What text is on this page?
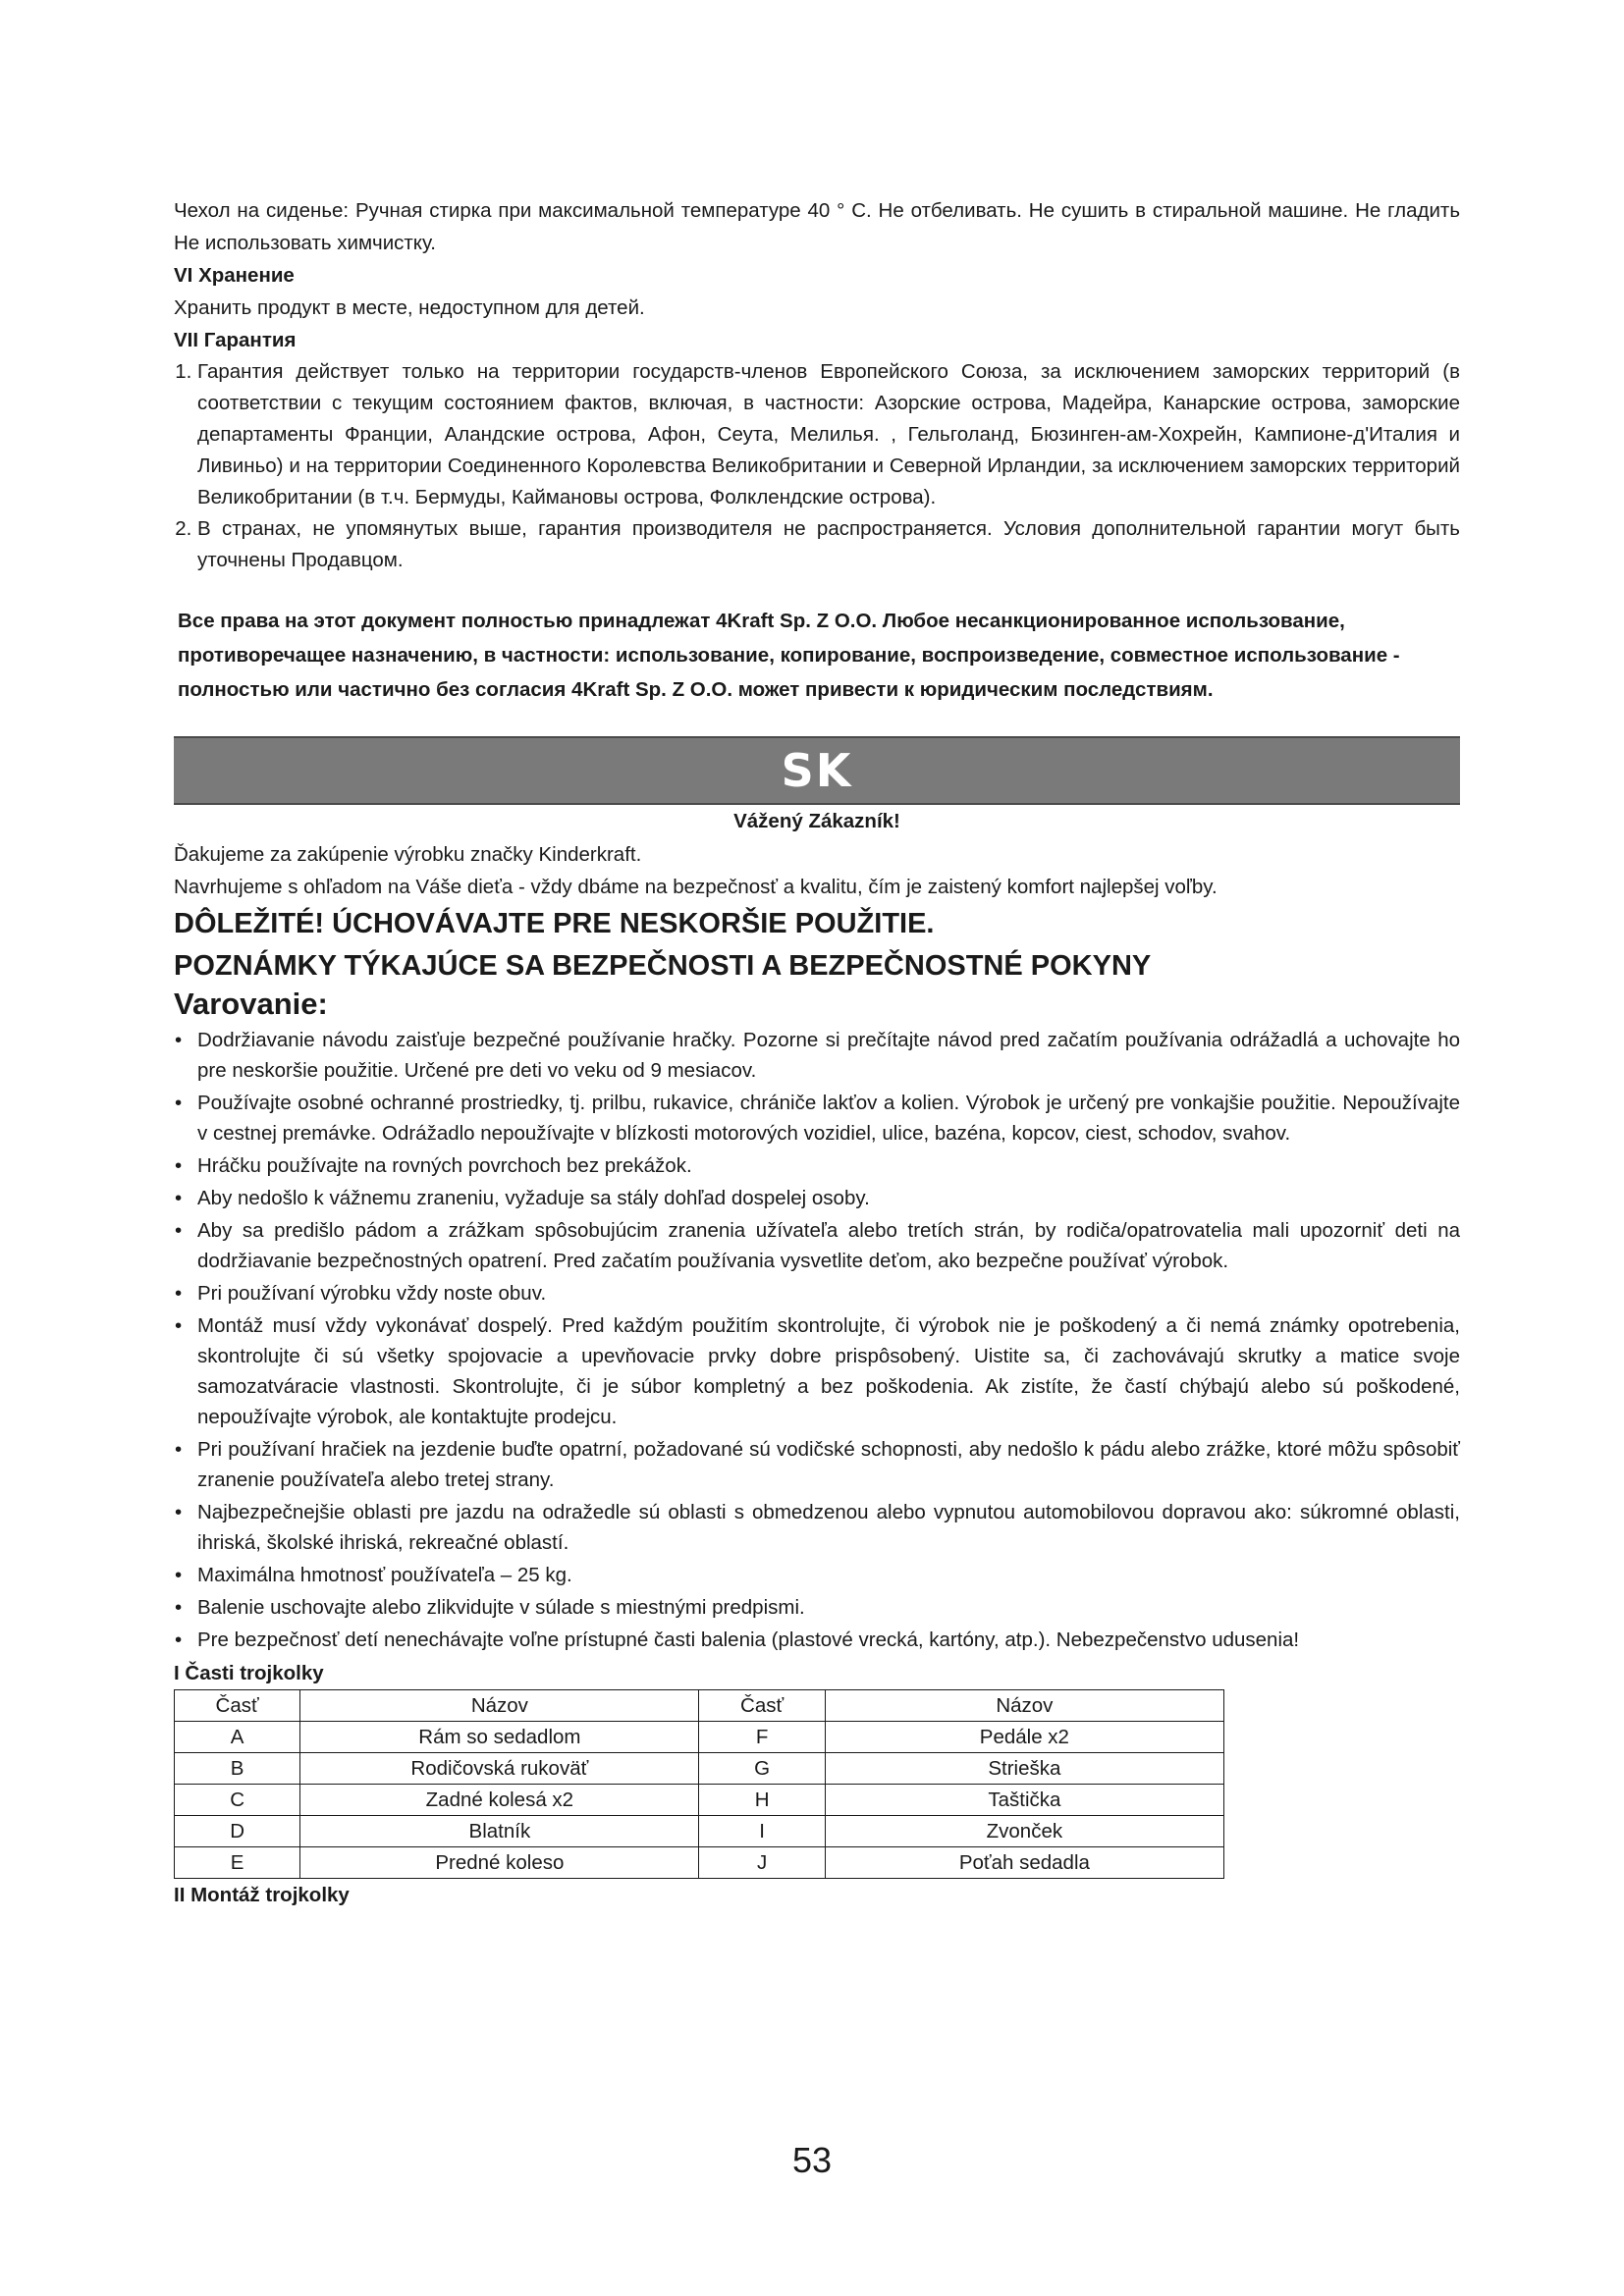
Чехол на сиденье: Ручная стирка при максимальной температуре 40 ° C. Не отбеливать. Не сушить в стиральной машине. Не гладить Не использовать химчистку.

VI Хранение

Хранить продукт в месте, недоступном для детей.

VII Гарантия

1. Гарантия действует только на территории государств-членов Европейского Союза, за исключением заморских территорий (в соответствии с текущим состоянием фактов, включая, в частности: Азорские острова, Мадейра, Канарские острова, заморские департаменты Франции, Аландские острова, Афон, Сеута, Мелилья. , Гельголанд, Бюзинген-ам-Хохрейн, Кампионе-д'Италия и Ливиньо) и на территории Соединенного Королевства Великобритании и Северной Ирландии, за исключением заморских территорий Великобритании (в т.ч. Бермуды, Каймановы острова, Фолклендские острова).
2. В странах, не упомянутых выше, гарантия производителя не распространяется. Условия дополнительной гарантии могут быть уточнены Продавцом.

Все права на этот документ полностью принадлежат 4Kraft Sp. Z O.O. Любое несанкционированное использование, противоречащее назначению, в частности: использование, копирование, воспроизведение, совместное использование - полностью или частично без согласия 4Kraft Sp. Z O.O. может привести к юридическим последствиям.

SK

Vážený Zákazník!

Ďakujeme za zakúpenie výrobku značky Kinderkraft.

Navrhujeme s ohľadom na Váše dieťa - vždy dbáme na bezpečnosť a kvalitu, čím je zaistený komfort najlepšej voľby.

DÔLEŽITÉ! ÚCHOVÁVAJTE PRE NESKORŠIE POUŽITIE.

POZNÁMKY TÝKAJÚCE SA BEZPEČNOSTI A BEZPEČNOSTNÉ POKYNY

Varovanie:

• Dodržiavanie návodu zaisťuje bezpečné používanie hračky. Pozorne si prečítajte návod pred začatím používania odrážadlá a uchovajte ho pre neskoršie použitie. Určené pre deti vo veku od 9 mesiacov.
• Používajte osobné ochranné prostriedky, tj. prilbu, rukavice, chrániče lakťov a kolien. Výrobok je určený pre vonkajšie použitie. Nepoužívajte v cestnej premávke. Odrážadlo nepoužívajte v blízkosti motorových vozidiel, ulice, bazéna, kopcov, ciest, schodov, svahov.
• Hráčku používajte na rovných povrchoch bez prekážok.
• Aby nedošlo k vážnemu zraneniu, vyžaduje sa stály dohľad dospelej osoby.
• Aby sa predišlo pádom a zrážkam spôsobujúcim zranenia užívateľa alebo tretích strán, by rodiča/opatrovatelia mali upozorniť deti na dodržiavanie bezpečnostných opatrení. Pred začatím používania vysvetlite deťom, ako bezpečne používať výrobok.
• Pri používaní výrobku vždy noste obuv.
• Montáž musí vždy vykonávať dospelý. Pred každým použitím skontrolujte, či výrobok nie je poškodený a či nemá známky opotrebenia, skontrolujte či sú všetky spojovacie a upevňovacie prvky dobre prispôsobený. Uistite sa, či zachovávajú skrutky a matice svoje samozatváracie vlastnosti. Skontrolujte, či je súbor kompletný a bez poškodenia. Ak zistíte, že častí chýbajú alebo sú poškodené, nepoužívajte výrobok, ale kontaktujte prodejcu.
• Pri používaní hračiek na jezdenie buďte opatrní, požadované sú vodičské schopnosti, aby nedošlo k pádu alebo zrážke, ktoré môžu spôsobiť zranenie používateľa alebo tretej strany.
• Najbezpečnejšie oblasti pre jazdu na odražedle sú oblasti s obmedzenou alebo vypnutou automobilovou dopravou ako: súkromné oblasti, ihriská, školské ihriská, rekreačné oblastí.
• Maximálna hmotnosť používateľa – 25 kg.
• Balenie uschovajte alebo zlikvidujte v súlade s miestnými predpismi.
• Pre bezpečnosť detí nenechávajte voľne prístupné časti balenia (plastové vrecká, kartóny, atp.). Nebezpečenstvo udusenia!

I Časti trojkolky

Časť	Názov	Časť	Názov
A	Rám so sedadlom	F	Pedále x2
B	Rodičovská rukoväť	G	Strieška
C	Zadné kolesá x2	H	Taštička
D	Blatník	I	Zvonček
E	Predné koleso	J	Poťah sedadla

II Montáž trojkolky

53
